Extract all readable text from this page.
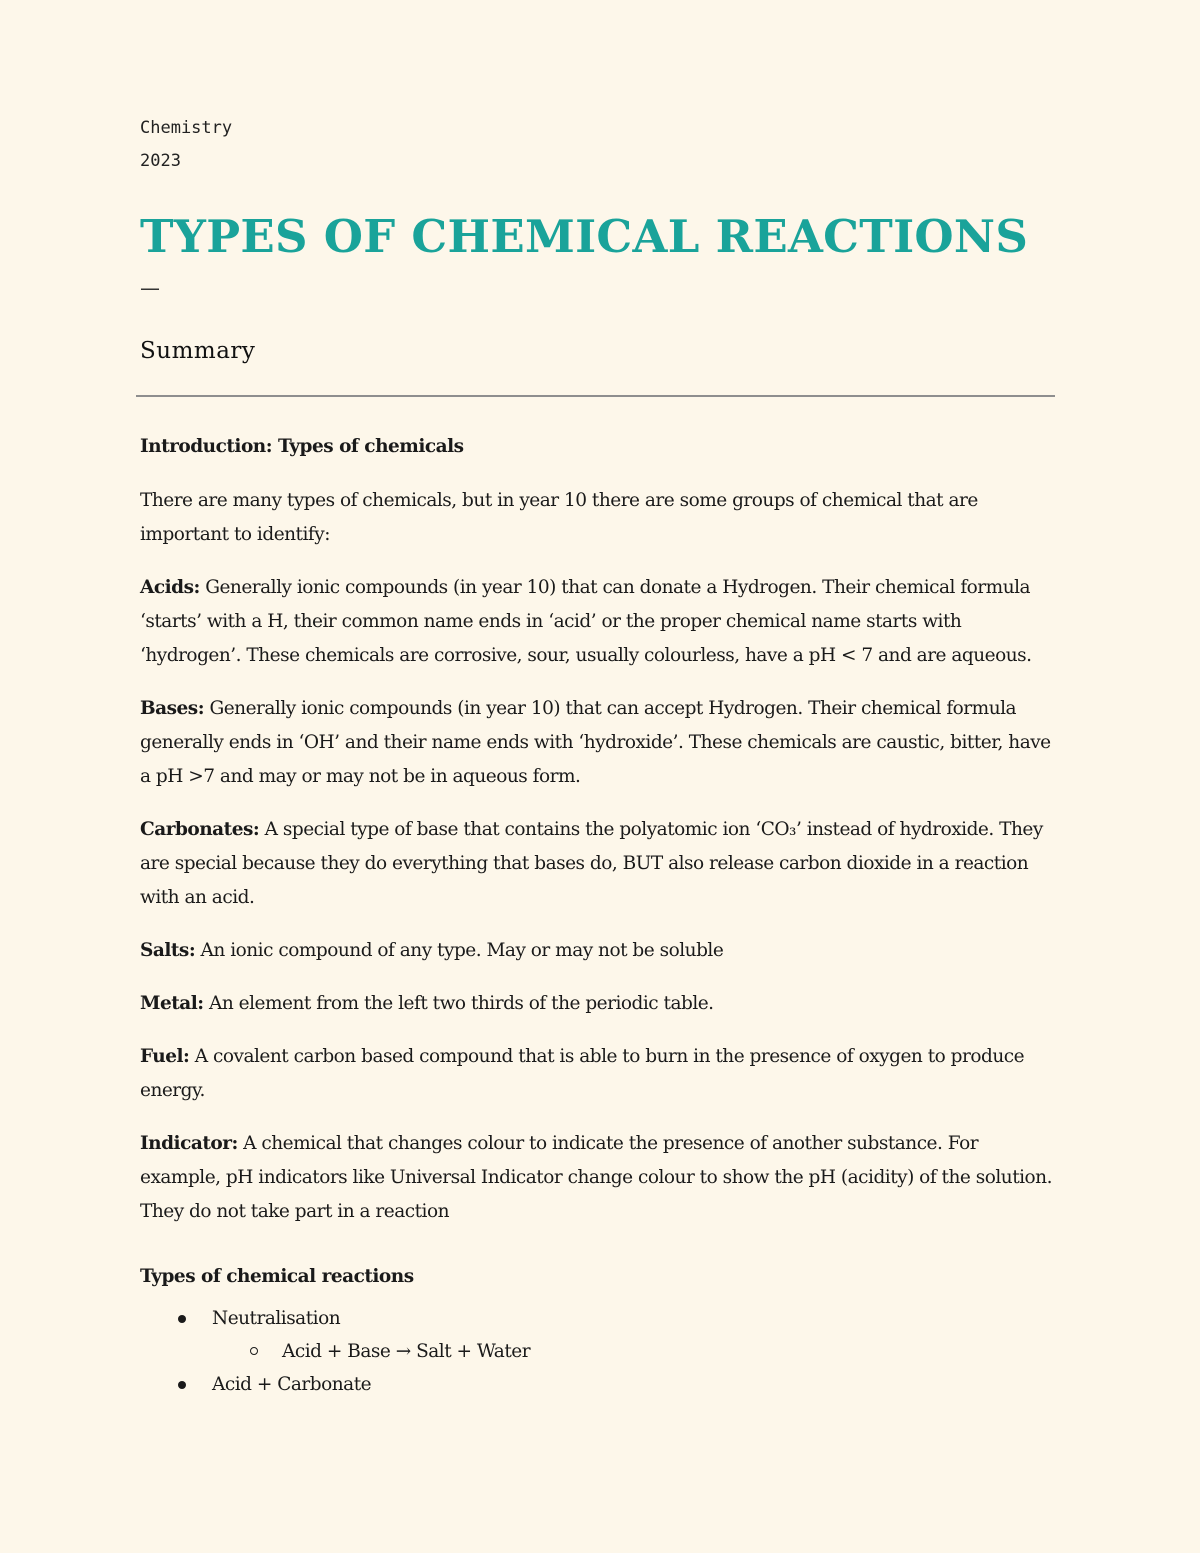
Chemistry
2023
TYPES OF CHEMICAL REACTIONS
—
Summary
Introduction: Types of chemicals

There are many types of chemicals, but in year 10 there are some groups of chemical that are important to identify:

Acids: Generally ionic compounds (in year 10) that can donate a Hydrogen. Their chemical formula ‘starts’ with a H, their common name ends in ‘acid’ or the proper chemical name starts with ‘hydrogen’. These chemicals are corrosive, sour, usually colourless, have a pH < 7 and are aqueous.

Bases: Generally ionic compounds (in year 10) that can accept Hydrogen. Their chemical formula generally ends in ‘OH’ and their name ends with ‘hydroxide’. These chemicals are caustic, bitter, have a pH >7 and may or may not be in aqueous form.

Carbonates: A special type of base that contains the polyatomic ion ‘CO₃’ instead of hydroxide. They are special because they do everything that bases do, BUT also release carbon dioxide in a reaction with an acid.

Salts: An ionic compound of any type. May or may not be soluble

Metal: An element from the left two thirds of the periodic table.

Fuel: A covalent carbon based compound that is able to burn in the presence of oxygen to produce energy.

Indicator: A chemical that changes colour to indicate the presence of another substance. For example, pH indicators like Universal Indicator change colour to show the pH (acidity) of the solution. They do not take part in a reaction

Types of chemical reactions
Neutralisation
Acid + Base → Salt + Water
Acid + Carbonate
